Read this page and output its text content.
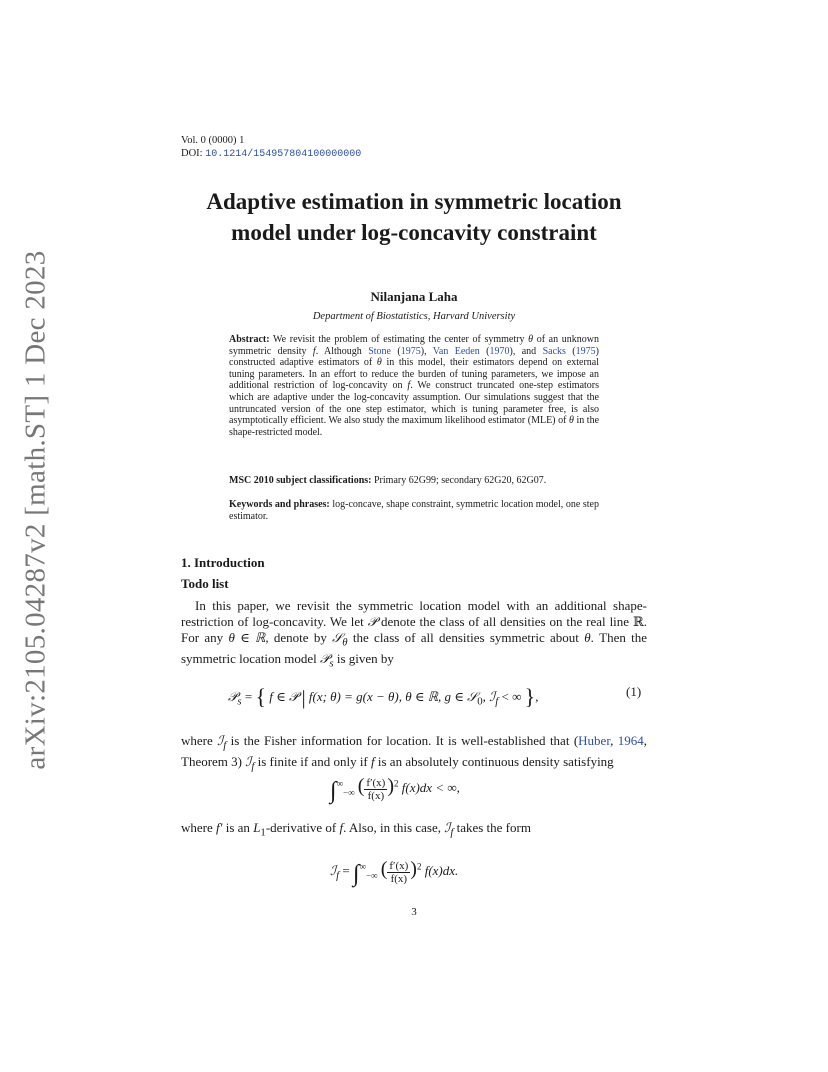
arXiv:2105.04287v2 [math.ST] 1 Dec 2023
Vol. 0 (0000) 1
DOI: 10.1214/154957804100000000
Adaptive estimation in symmetric location model under log-concavity constraint
Nilanjana Laha
Department of Biostatistics, Harvard University
Abstract: We revisit the problem of estimating the center of symmetry θ of an unknown symmetric density f. Although Stone (1975), Van Eeden (1970), and Sacks (1975) constructed adaptive estimators of θ in this model, their estimators depend on external tuning parameters. In an effort to reduce the burden of tuning parameters, we impose an additional restriction of log-concavity on f. We construct truncated one-step estimators which are adaptive under the log-concavity assumption. Our simulations suggest that the untruncated version of the one step estimator, which is tuning parameter free, is also asymptotically efficient. We also study the maximum likelihood estimator (MLE) of θ in the shape-restricted model.
MSC 2010 subject classifications: Primary 62G99; secondary 62G20, 62G07.
Keywords and phrases: log-concave, shape constraint, symmetric location model, one step estimator.
1. Introduction
Todo list
In this paper, we revisit the symmetric location model with an additional shape-restriction of log-concavity. We let 𝒫 denote the class of all densities on the real line ℝ. For any θ ∈ ℝ, denote by 𝒮$_\theta$ the class of all densities symmetric about θ. Then the symmetric location model 𝒫$_s$ is given by
𝒫$_s$ = { f ∈ 𝒫 | f(x; θ) = g(x − θ), θ ∈ ℝ, g ∈ 𝒮$_0$, ℐ$_f$ < ∞ },	(1)
where ℐ$_f$ is the Fisher information for location. It is well-established that (Huber, 1964, Theorem 3) ℐ$_f$ is finite if and only if f is an absolutely continuous density satisfying
$\int^\infty_{-\infty}$ ( $\frac{f'(x)}{f(x)} )^2$ f(x)dx < ∞,
where f′ is an $L_1$-derivative of f. Also, in this case, ℐ$_f$ takes the form
ℐ$_f$ = $\int^\infty_{-\infty}$ ( $\frac{f'(x)}{f(x)} )^2$ f(x)dx.
3
